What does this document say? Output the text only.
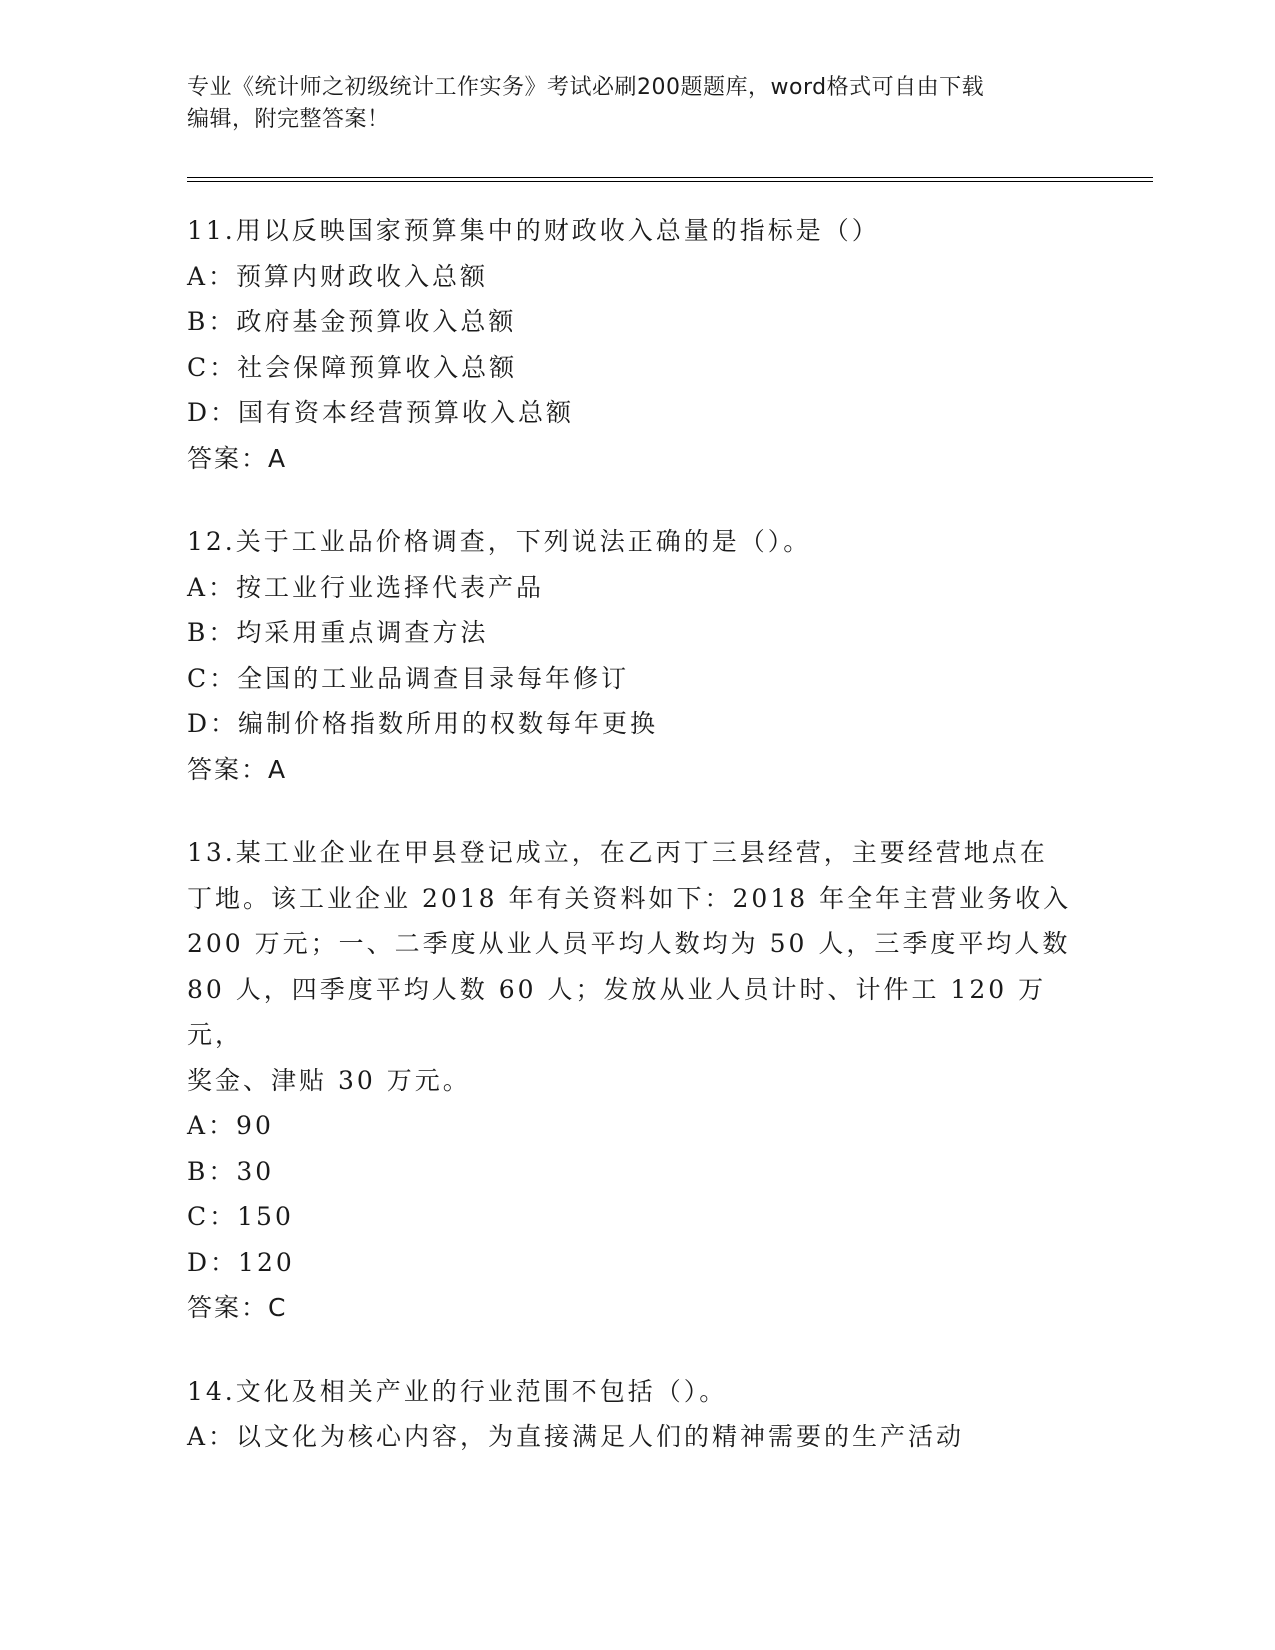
专业《统计师之初级统计工作实务》考试必刷200题题库，word格式可自由下载
编辑，附完整答案！
11.用以反映国家预算集中的财政收入总量的指标是（）
A：预算内财政收入总额
B：政府基金预算收入总额
C：社会保障预算收入总额
D：国有资本经营预算收入总额
答案：A
12.关于工业品价格调查，下列说法正确的是（）。
A：按工业行业选择代表产品
B：均采用重点调查方法
C：全国的工业品调查目录每年修订
D：编制价格指数所用的权数每年更换
答案：A
13.某工业企业在甲县登记成立，在乙丙丁三县经营，主要经营地点在
丁地。该工业企业 2018 年有关资料如下：2018 年全年主营业务收入
200 万元；一、二季度从业人员平均人数均为 50 人，三季度平均人数
80 人，四季度平均人数 60 人；发放从业人员计时、计件工 120 万元，
奖金、津贴 30 万元。
A：90
B：30
C：150
D：120
答案：C
14.文化及相关产业的行业范围不包括（）。
A：以文化为核心内容，为直接满足人们的精神需要的生产活动
